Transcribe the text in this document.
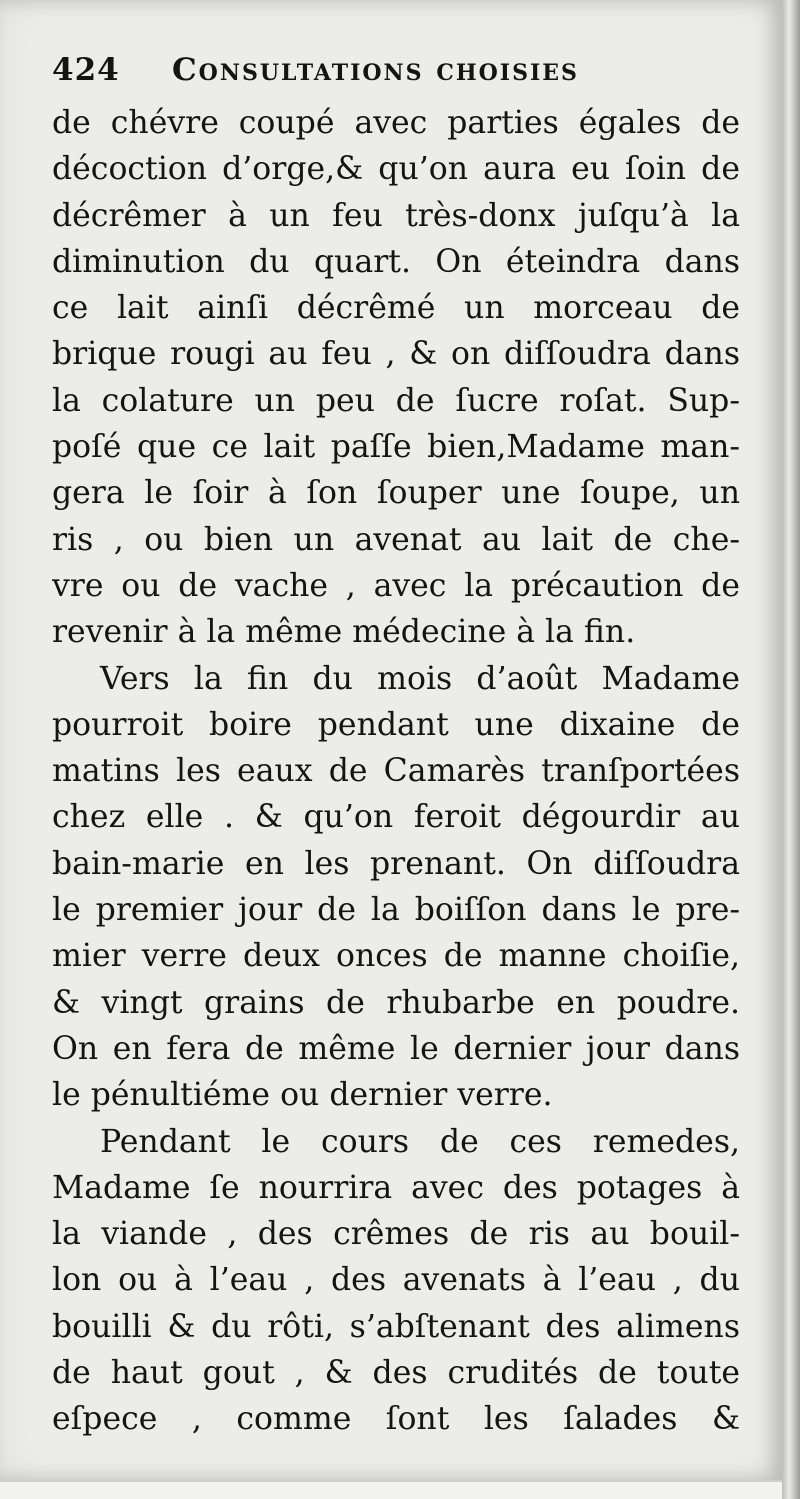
424	Consultations choisies
de chévre coupé avec parties égales de
décoction d’orge,& qu’on aura eu ſoin de
décrêmer à un feu très-donx juſqu’à la
diminution du quart. On éteindra dans
ce lait ainſi décrêmé un morceau de
brique rougi au feu , & on diſſoudra dans
la colature un peu de ſucre roſat. Sup-
poſé que ce lait paſſe bien,Madame man-
gera le ſoir à ſon ſouper une ſoupe, un
ris , ou bien un avenat au lait de che-
vre ou de vache , avec la précaution de
revenir à la même médecine à la fin.
Vers la fin du mois d’août Madame
pourroit boire pendant une dixaine de
matins les eaux de Camarès tranſportées
chez elle . & qu’on feroit dégourdir au
bain-marie en les prenant. On diſſoudra
le premier jour de la boiſſon dans le pre-
mier verre deux onces de manne choiſie,
& vingt grains de rhubarbe en poudre.
On en fera de même le dernier jour dans
le pénultiéme ou dernier verre.
Pendant le cours de ces remedes,
Madame ſe nourrira avec des potages à
la viande , des crêmes de ris au bouil-
lon ou à l’eau , des avenats à l’eau , du
bouilli & du rôti, s’abſtenant des alimens
de haut gout , & des crudités de toute
eſpece , comme ſont les ſalades &
